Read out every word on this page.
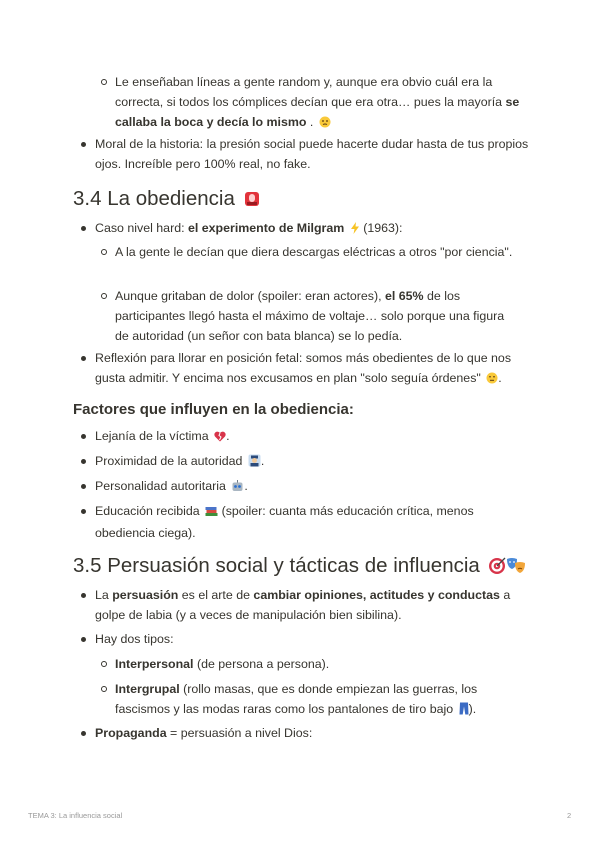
Le enseñaban líneas a gente random y, aunque era obvio cuál era la correcta, si todos los cómplices decían que era otra… pues la mayoría se callaba la boca y decía lo mismo .
Moral de la historia: la presión social puede hacerte dudar hasta de tus propios ojos. Increíble pero 100% real, no fake.
3.4 La obediencia
Caso nivel hard: el experimento de Milgram  (1963):
A la gente le decían que diera descargas eléctricas a otros "por ciencia".
Aunque gritaban de dolor (spoiler: eran actores), el 65% de los participantes llegó hasta el máximo de voltaje… solo porque una figura de autoridad (un señor con bata blanca) se lo pedía.
Reflexión para llorar en posición fetal: somos más obedientes de lo que nos gusta admitir. Y encima nos excusamos en plan "solo seguía órdenes" .
Factores que influyen en la obediencia:
Lejanía de la víctima .
Proximidad de la autoridad .
Personalidad autoritaria .
Educación recibida  (spoiler: cuanta más educación crítica, menos obediencia ciega).
3.5 Persuasión social y tácticas de influencia
La persuasión es el arte de cambiar opiniones, actitudes y conductas a golpe de labia (y a veces de manipulación bien sibilina).
Hay dos tipos:
Interpersonal (de persona a persona).
Intergrupal (rollo masas, que es donde empiezan las guerras, los fascismos y las modas raras como los pantalones de tiro bajo ).
Propaganda = persuasión a nivel Dios:
TEMA 3: La influencia social	2
